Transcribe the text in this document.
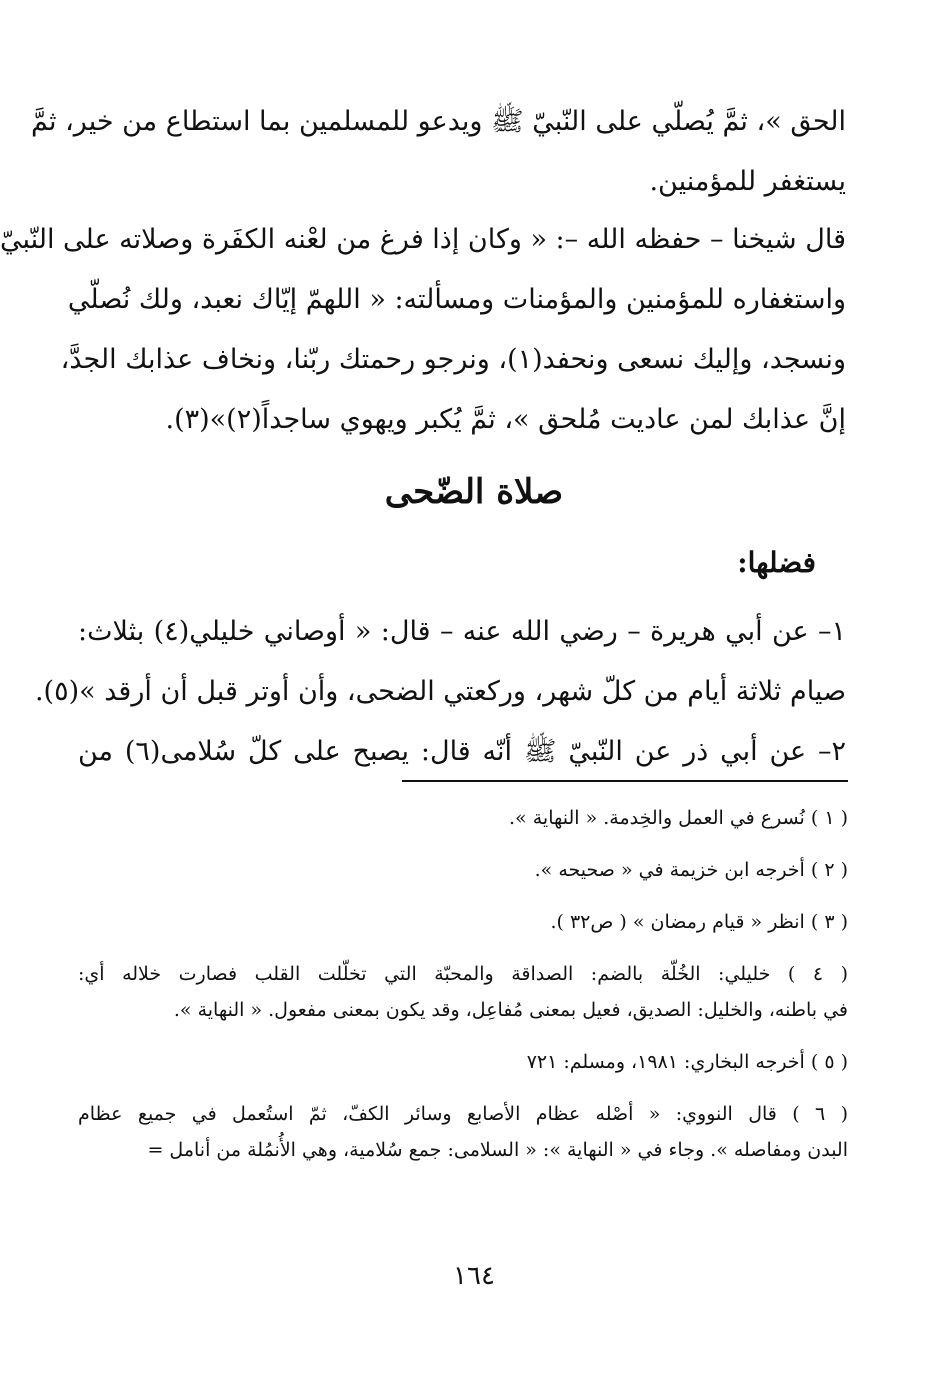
الحق »، ثمَّ يُصلّي على النّبيّ ﷺ ويدعو للمسلمين بما استطاع من خير، ثمَّ
يستغفر للمؤمنين.
قال شيخنا – حفظه الله –: « وكان إذا فرغ من لعْنه الكفَرة وصلاته على النّبيّ
واستغفاره للمؤمنين والمؤمنات ومسألته: « اللهمّ إيّاك نعبد، ولك نُصلّي
ونسجد، وإليك نسعى ونحفد(١)، ونرجو رحمتك ربّنا، ونخاف عذابك الجدَّ،
إنَّ عذابك لمن عاديت مُلحق »، ثمَّ يُكبر ويهوي ساجداً(٢)»(٣).
صلاة الضّحى
فضلها:
١– عن أبي هريرة – رضي الله عنه – قال: « أوصاني خليلي(٤) بثلاث:
صيام ثلاثة أيام من كلّ شهر، وركعتي الضحى، وأن أوتر قبل أن أرقد »(٥).
٢– عن أبي ذر عن النّبيّ ﷺ أنّه قال: يصبح على كلّ سُلامى(٦) من
( ١ ) نُسرع في العمل والخِدمة. « النهاية ».
( ٢ ) أخرجه ابن خزيمة في « صحيحه ».
( ٣ ) انظر « قيام رمضان » ( ص٣٢ ).
( ٤ ) خليلي: الخُلّة بالضم: الصداقة والمحبّة التي تخلّلت القلب فصارت خلاله أي:
في باطنه، والخليل: الصديق، فعيل بمعنى مُفاعِل، وقد يكون بمعنى مفعول. « النهاية ».
( ٥ ) أخرجه البخاري: ١٩٨١، ومسلم: ٧٢١
( ٦ ) قال النووي: « أصْله عظام الأصابع وسائر الكفّ، ثمّ استُعمل في جميع عظام
البدن ومفاصله ». وجاء في « النهاية »: « السلامى: جمع سُلامية، وهي الأُنمُلة من أنامل =
١٦٤
